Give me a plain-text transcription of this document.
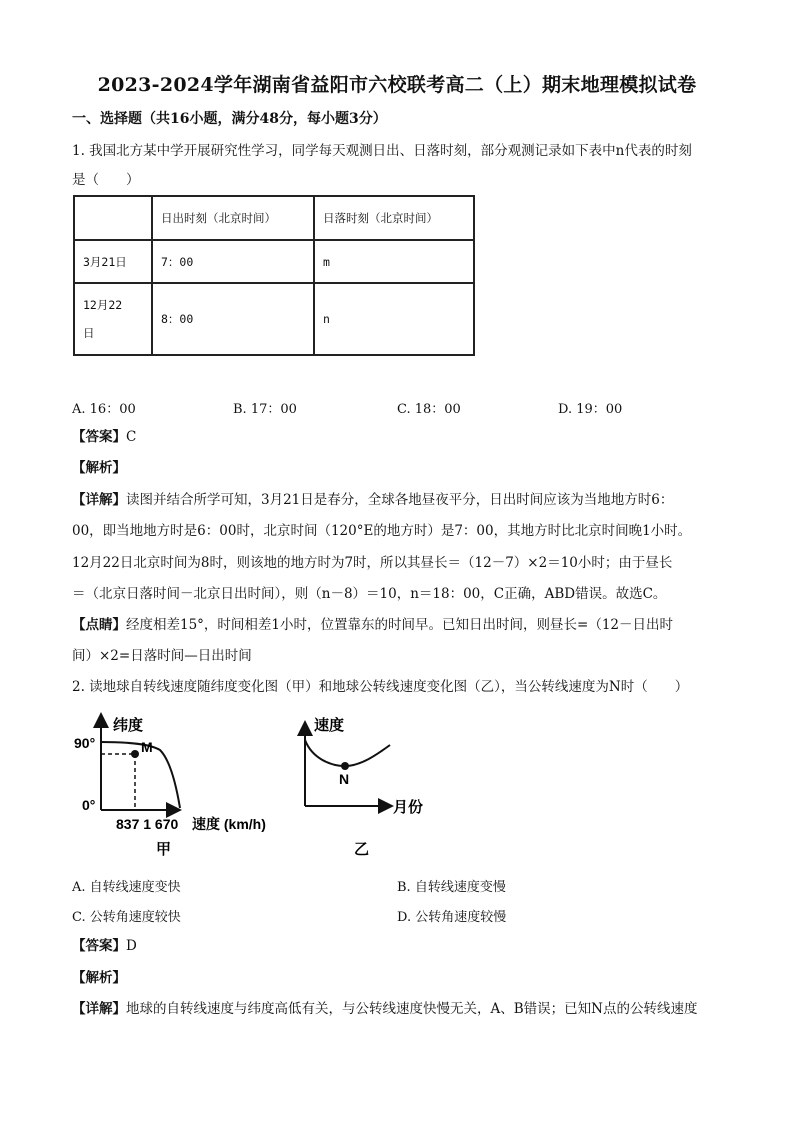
2023-2024学年湖南省益阳市六校联考高二（上）期末地理模拟试卷
一、选择题（共16小题，满分48分，每小题3分）
1. 我国北方某中学开展研究性学习，同学每天观测日出、日落时刻，部分观测记录如下表中n代表的时刻
是（　　）
	日出时刻（北京时间）	日落时刻（北京时间）
3月21日	7：00	m
12月22
日	8：00	n
A. 16：00	B. 17：00	C. 18：00	D. 19：00
【答案】C
【解析】
【详解】读图并结合所学可知，3月21日是春分，全球各地昼夜平分，日出时间应该为当地地方时6：
00，即当地地方时是6：00时，北京时间（120°E的地方时）是7：00，其地方时比北京时间晚1小时。
12月22日北京时间为8时，则该地的地方时为7时，所以其昼长＝（12－7）×2＝10小时；由于昼长
＝（北京日落时间－北京日出时间），则（n－8）＝10，n＝18：00，C正确，ABD错误。故选C。
【点睛】经度相差15°，时间相差1小时，位置靠东的时间早。已知日出时间，则昼长=（12－日出时
间）×2=日落时间—日出时间
2. 读地球自转线速度随纬度变化图（甲）和地球公转线速度变化图（乙），当公转线速度为N时（　　）
纬度
90°
0°
M
837 1 670 速度 (km/h)
甲
速度
N
月份
乙
A. 自转线速度变快	B. 自转线速度变慢
C. 公转角速度较快	D. 公转角速度较慢
【答案】D
【解析】
【详解】地球的自转线速度与纬度高低有关，与公转线速度快慢无关，A、B错误；已知N点的公转线速度
